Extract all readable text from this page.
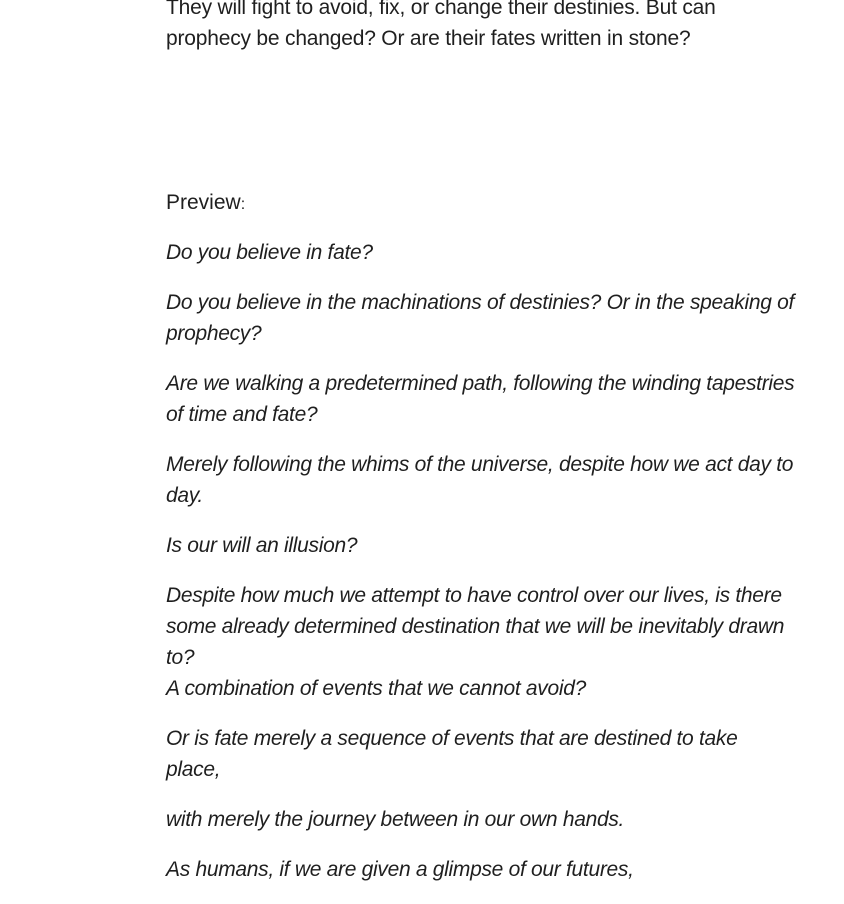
They will fight to avoid, fix, or change their destinies. But can
prophecy be changed? Or are their fates written in stone?

Preview:

Do you believe in fate?

Do you believe in the machinations of destinies? Or in the speaking of prophecy?

Are we walking a predetermined path, following the winding tapestries of time and fate?

Merely following the whims of the universe, despite how we act day to day.

Is our will an illusion?

Despite how much we attempt to have control over our lives, is there some already determined destination that we will be inevitably drawn to?

A combination of events that we cannot avoid?

Or is fate merely a sequence of events that are destined to take place,

with merely the journey between in our own hands.

As humans, if we are given a glimpse of our futures,
